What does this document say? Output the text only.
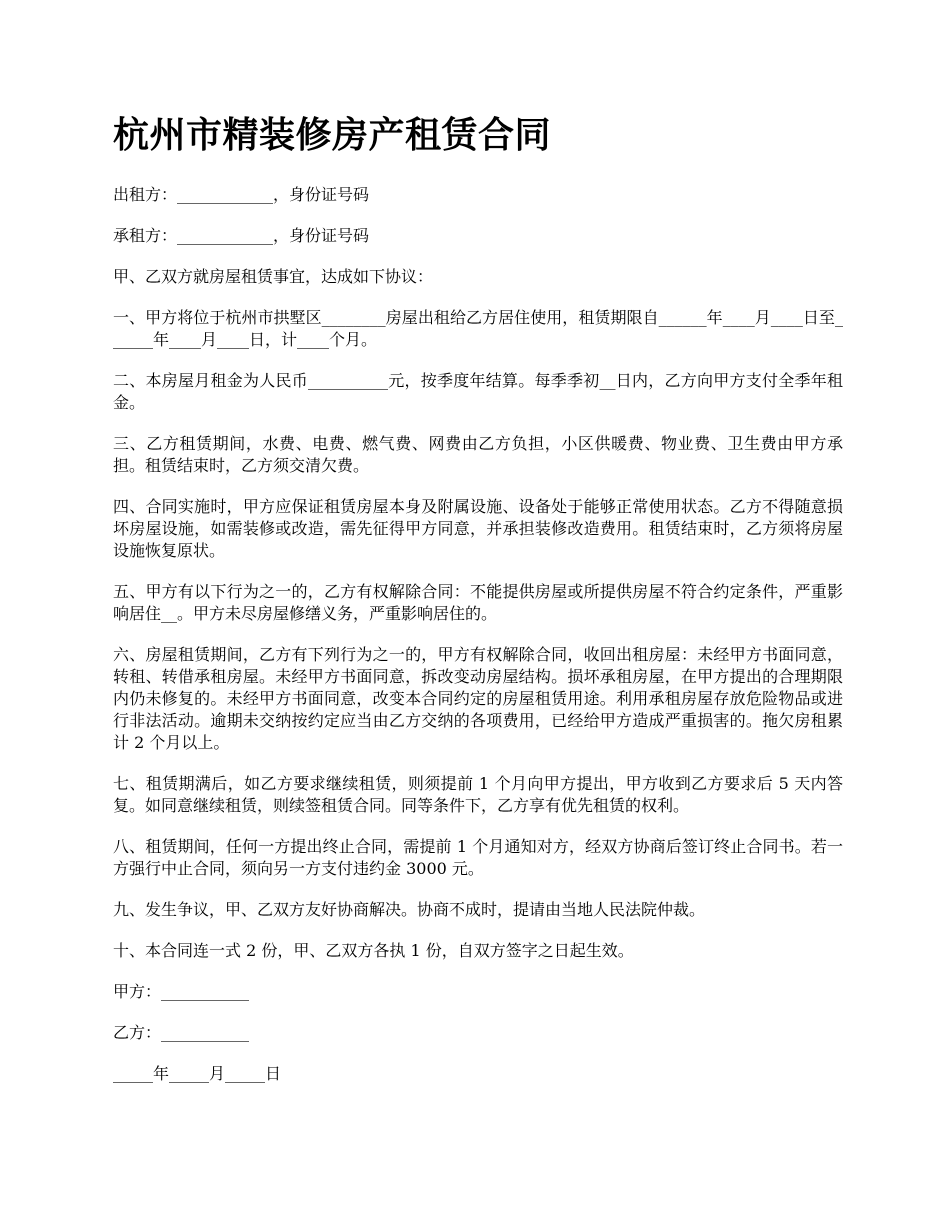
杭州市精装修房产租赁合同

出租方：____________，身份证号码

承租方：____________，身份证号码

甲、乙双方就房屋租赁事宜，达成如下协议：

一、甲方将位于杭州市拱墅区________房屋出租给乙方居住使用，租赁期限自______年____月____日至______年____月____日，计____个月。

二、本房屋月租金为人民币__________元，按季度年结算。每季季初__日内，乙方向甲方支付全季年租金。

三、乙方租赁期间，水费、电费、燃气费、网费由乙方负担，小区供暖费、物业费、卫生费由甲方承担。租赁结束时，乙方须交清欠费。

四、合同实施时，甲方应保证租赁房屋本身及附属设施、设备处于能够正常使用状态。乙方不得随意损坏房屋设施，如需装修或改造，需先征得甲方同意，并承担装修改造费用。租赁结束时，乙方须将房屋设施恢复原状。

五、甲方有以下行为之一的，乙方有权解除合同：不能提供房屋或所提供房屋不符合约定条件，严重影响居住__。甲方未尽房屋修缮义务，严重影响居住的。

六、房屋租赁期间，乙方有下列行为之一的，甲方有权解除合同，收回出租房屋：未经甲方书面同意，转租、转借承租房屋。未经甲方书面同意，拆改变动房屋结构。损坏承租房屋，在甲方提出的合理期限内仍未修复的。未经甲方书面同意，改变本合同约定的房屋租赁用途。利用承租房屋存放危险物品或进行非法活动。逾期未交纳按约定应当由乙方交纳的各项费用，已经给甲方造成严重损害的。拖欠房租累计 2 个月以上。

七、租赁期满后，如乙方要求继续租赁，则须提前 1 个月向甲方提出，甲方收到乙方要求后 5 天内答复。如同意继续租赁，则续签租赁合同。同等条件下，乙方享有优先租赁的权利。

八、租赁期间，任何一方提出终止合同，需提前 1 个月通知对方，经双方协商后签订终止合同书。若一方强行中止合同，须向另一方支付违约金 3000 元。

九、发生争议，甲、乙双方友好协商解决。协商不成时，提请由当地人民法院仲裁。

十、本合同连一式 2 份，甲、乙双方各执 1 份，自双方签字之日起生效。

甲方：___________

乙方：___________

_____年_____月_____日
